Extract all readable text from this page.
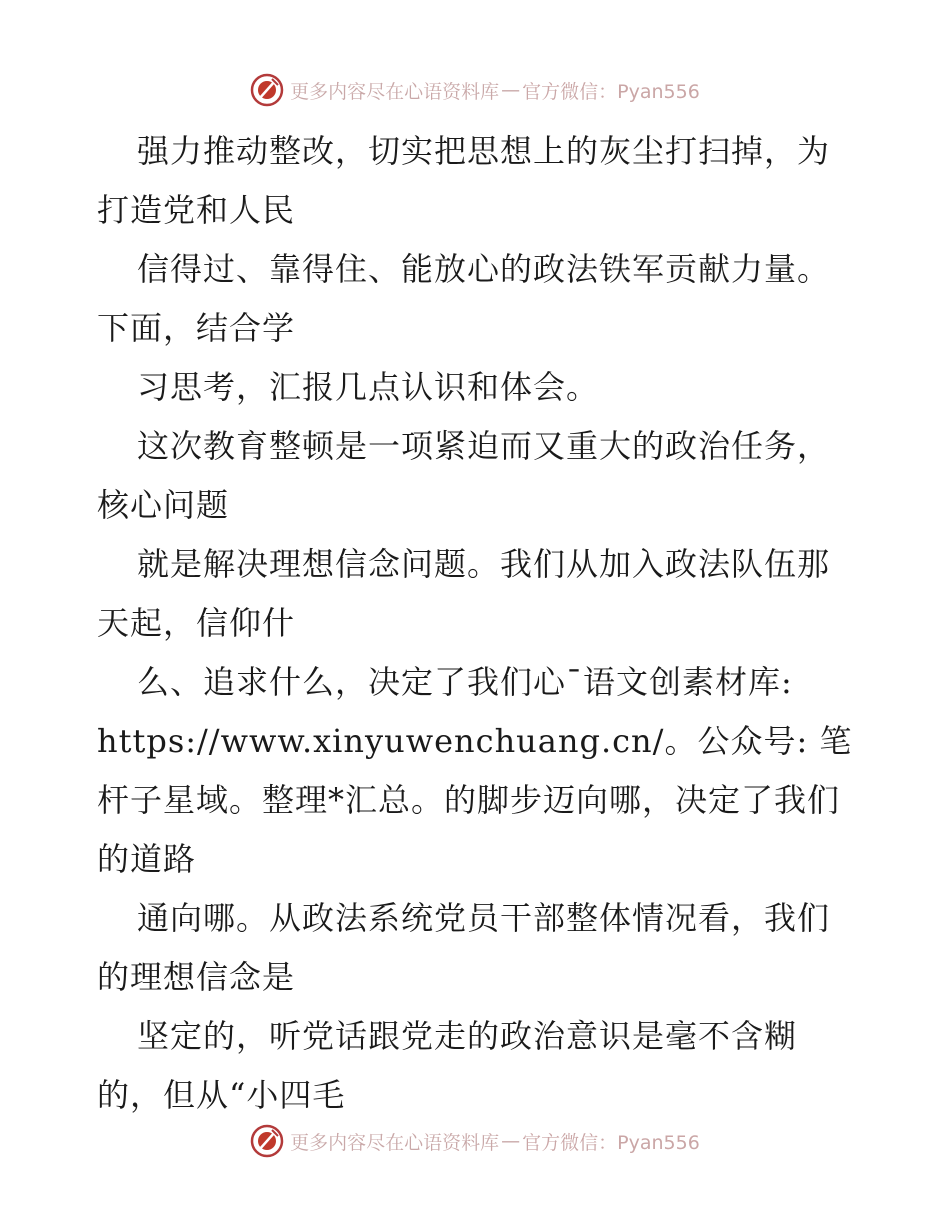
更多内容尽在心语资料库 — 官方微信：Pyan556

强力推动整改，切实把思想上的灰尘打扫掉，为打造党和人民

信得过、靠得住、能放心的政法铁军贡献力量。下面，结合学

习思考，汇报几点认识和体会。

这次教育整顿是一项紧迫而又重大的政治任务，核心问题

就是解决理想信念问题。我们从加入政法队伍那天起，信仰什

么、追求什么，决定了我们心¯语文创素材库: https://www.xinyuwenchuang.cn/。公众号: 笔杆子星域。整理*汇总。的脚步迈向哪，决定了我们的道路

通向哪。从政法系统党员干部整体情况看，我们的理想信念是

坚定的，听党话跟党走的政治意识是毫不含糊的，但从“小四毛

更多内容尽在心语资料库 — 官方微信：Pyan556
